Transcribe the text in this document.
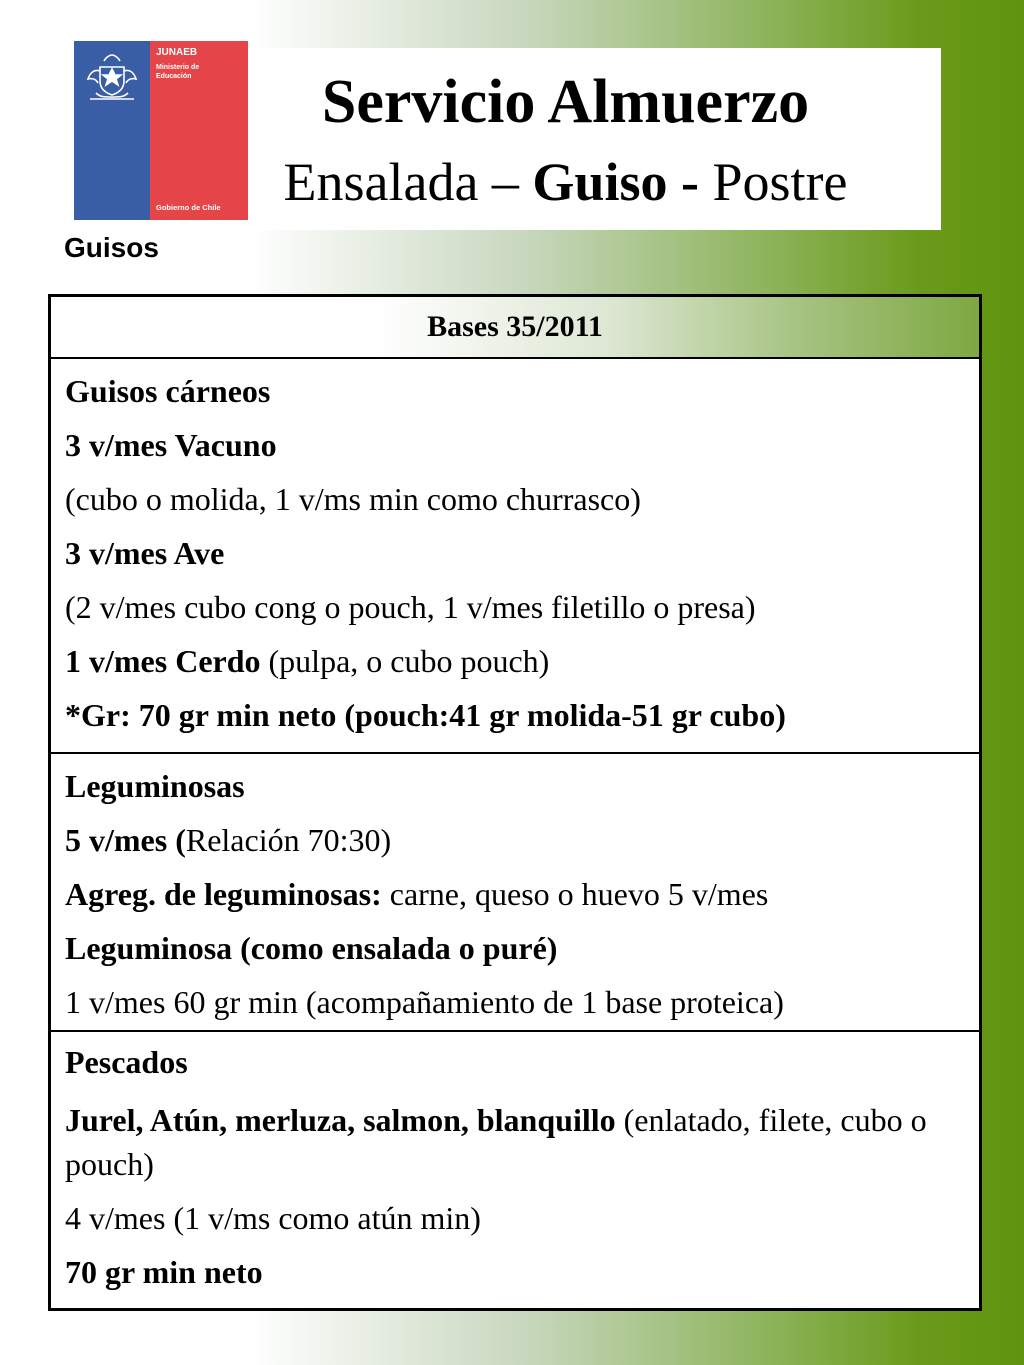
JUNAEB
Ministerio de Educación
Gobierno de Chile
Servicio Almuerzo
Ensalada – Guiso - Postre
Guisos
Bases 35/2011

Guisos cárneos

3 v/mes Vacuno

(cubo o molida, 1 v/ms min como churrasco)

3 v/mes Ave

(2 v/mes cubo cong o pouch, 1 v/mes filetillo o presa)

1 v/mes Cerdo (pulpa, o cubo pouch)

*Gr: 70 gr min neto (pouch:41 gr molida-51 gr cubo)

Leguminosas

5 v/mes (Relación 70:30)

Agreg. de leguminosas: carne, queso o huevo 5 v/mes

Leguminosa (como ensalada o puré)

1 v/mes 60 gr min (acompañamiento de 1 base proteica)

Pescados

Jurel, Atún, merluza, salmon, blanquillo (enlatado, filete, cubo o pouch)

4 v/mes (1 v/ms como atún min)

70 gr min neto
